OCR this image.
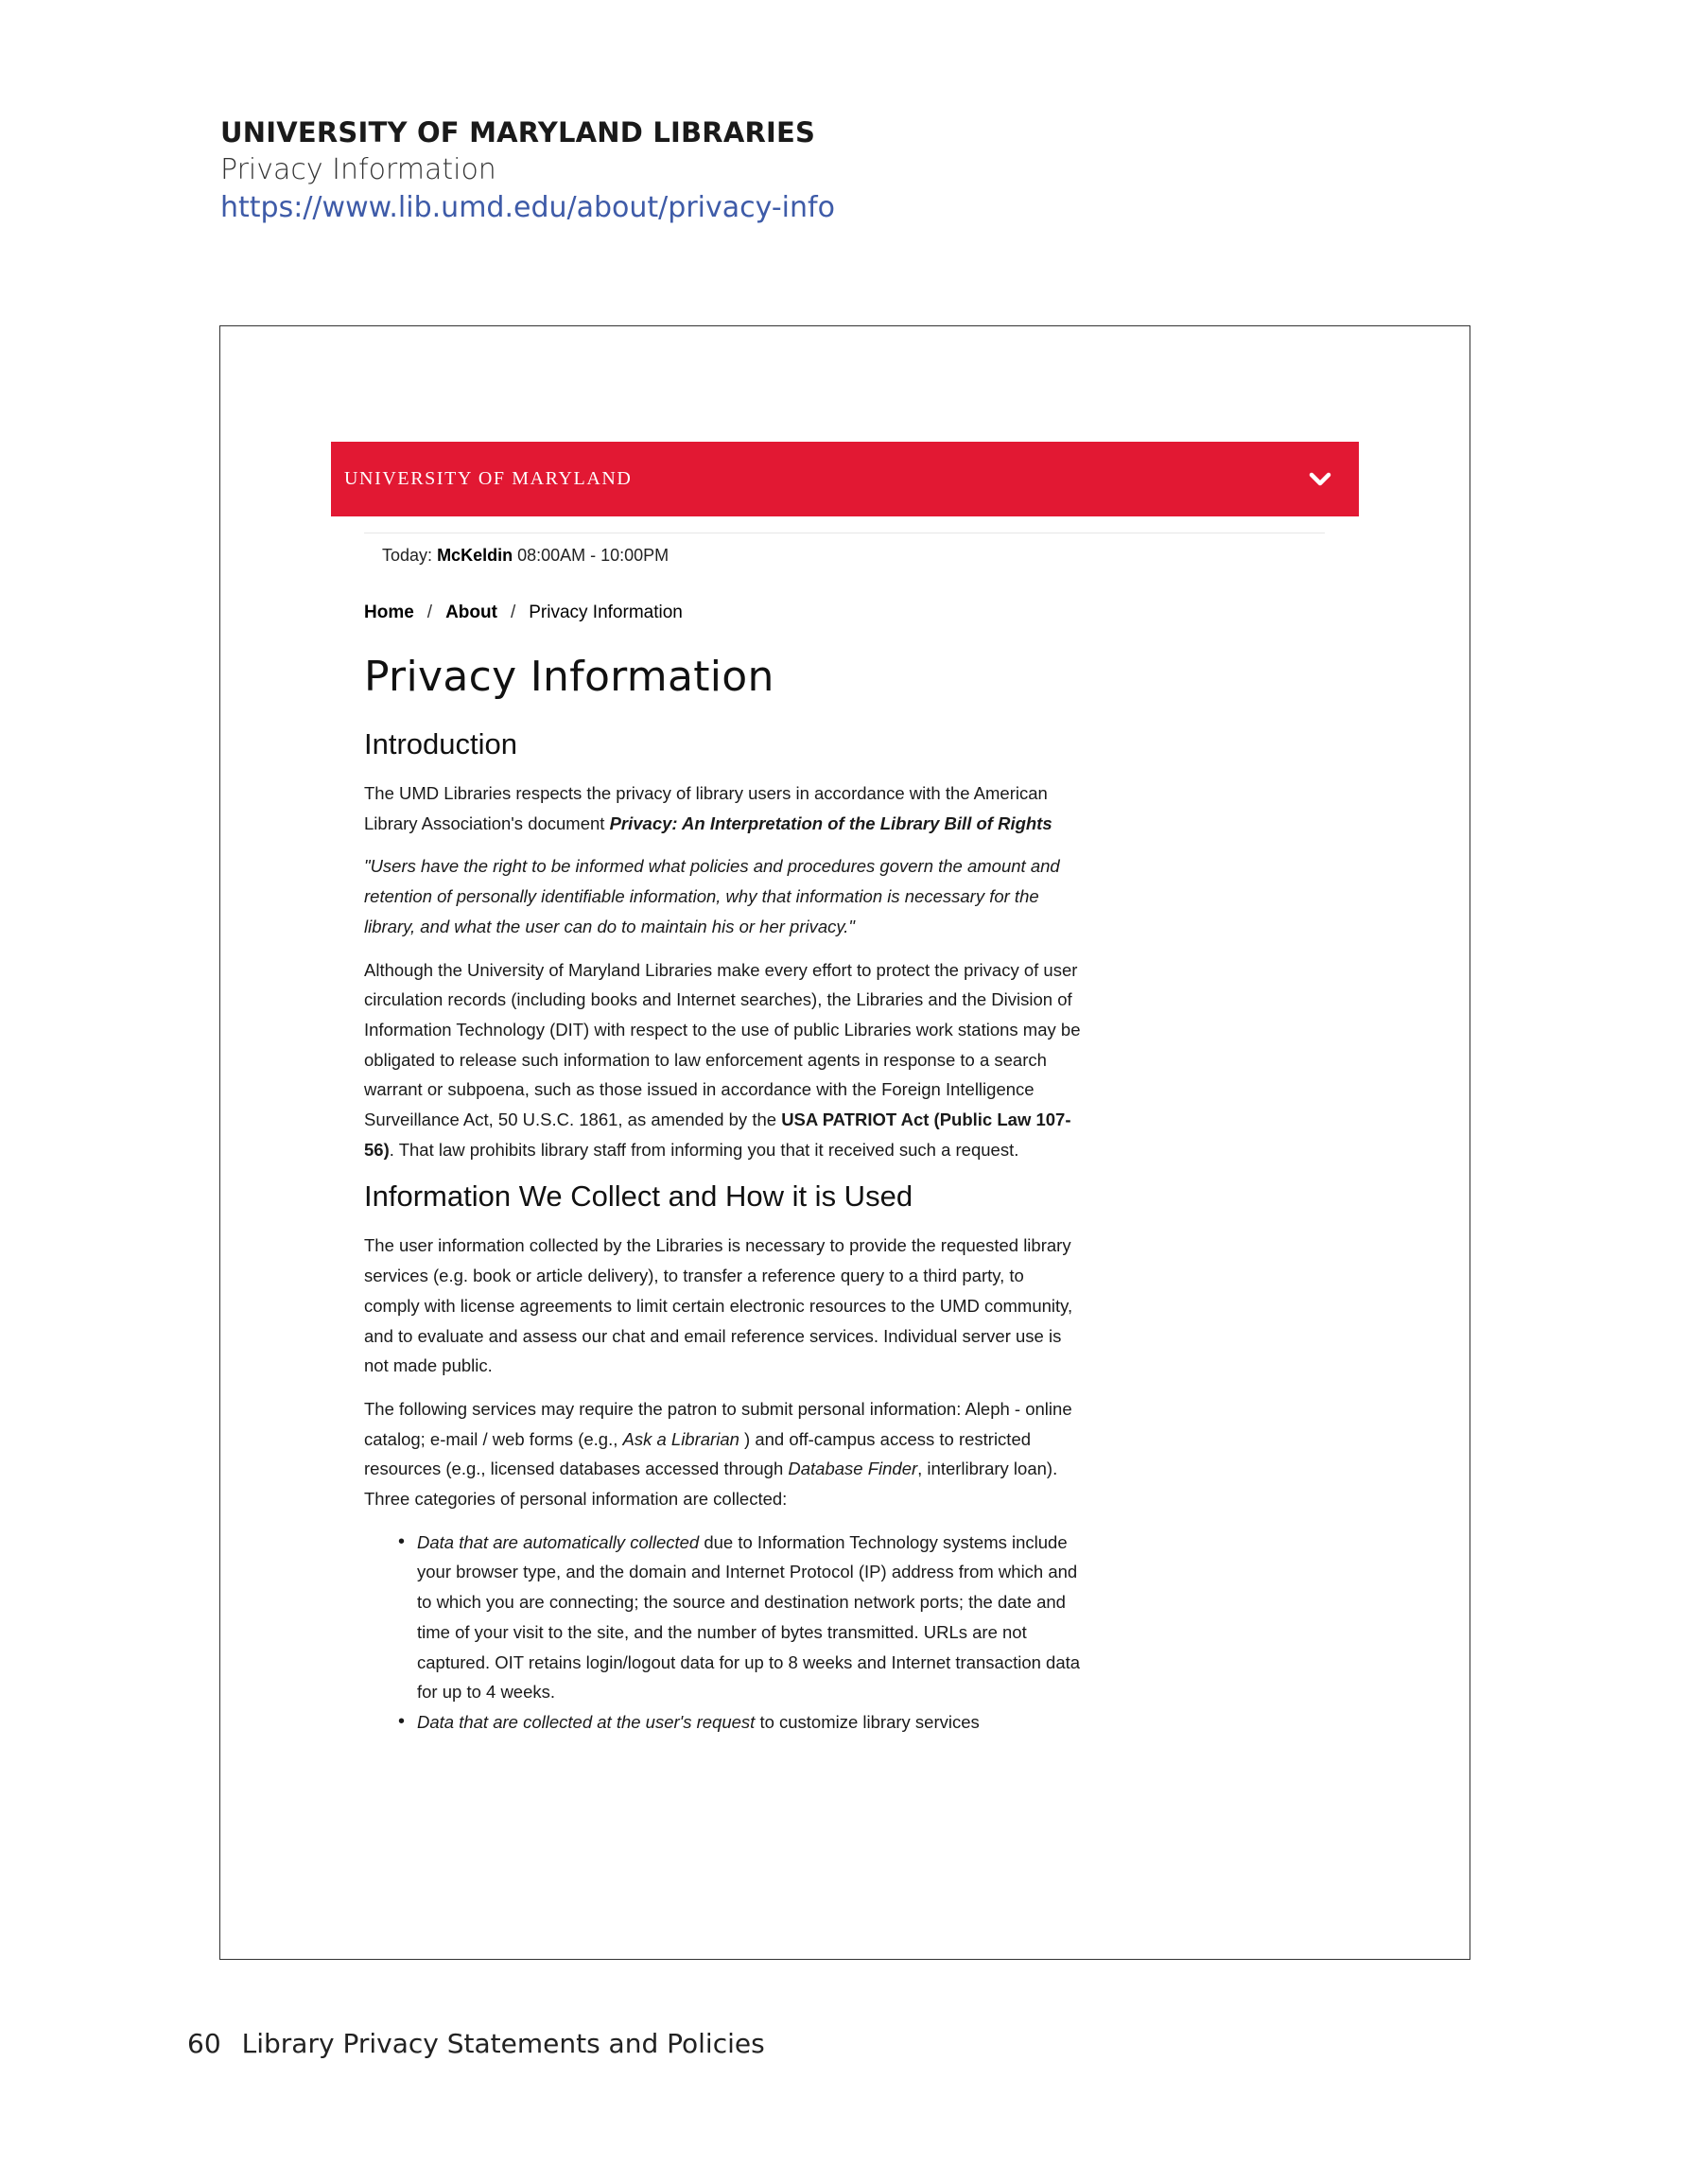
UNIVERSITY OF MARYLAND LIBRARIES
Privacy Information
https://www.lib.umd.edu/about/privacy-info
UNIVERSITY OF MARYLAND
Today: McKeldin 08:00AM - 10:00PM
Home / About / Privacy Information
Privacy Information
Introduction

The UMD Libraries respects the privacy of library users in accordance with the American Library Association's document Privacy: An Interpretation of the Library Bill of Rights

"Users have the right to be informed what policies and procedures govern the amount and retention of personally identifiable information, why that information is necessary for the library, and what the user can do to maintain his or her privacy."

Although the University of Maryland Libraries make every effort to protect the privacy of user circulation records (including books and Internet searches), the Libraries and the Division of Information Technology (DIT) with respect to the use of public Libraries work stations may be obligated to release such information to law enforcement agents in response to a search warrant or subpoena, such as those issued in accordance with the Foreign Intelligence Surveillance Act, 50 U.S.C. 1861, as amended by the USA PATRIOT Act (Public Law 107-56). That law prohibits library staff from informing you that it received such a request.

Information We Collect and How it is Used

The user information collected by the Libraries is necessary to provide the requested library services (e.g. book or article delivery), to transfer a reference query to a third party, to comply with license agreements to limit certain electronic resources to the UMD community, and to evaluate and assess our chat and email reference services. Individual server use is not made public.

The following services may require the patron to submit personal information: Aleph - online catalog; e-mail / web forms (e.g., Ask a Librarian ) and off-campus access to restricted resources (e.g., licensed databases accessed through Database Finder, interlibrary loan). Three categories of personal information are collected:

• Data that are automatically collected due to Information Technology systems include your browser type, and the domain and Internet Protocol (IP) address from which and to which you are connecting; the source and destination network ports; the date and time of your visit to the site, and the number of bytes transmitted. URLs are not captured. OIT retains login/logout data for up to 8 weeks and Internet transaction data for up to 4 weeks.
• Data that are collected at the user's request to customize library services
60 Library Privacy Statements and Policies
